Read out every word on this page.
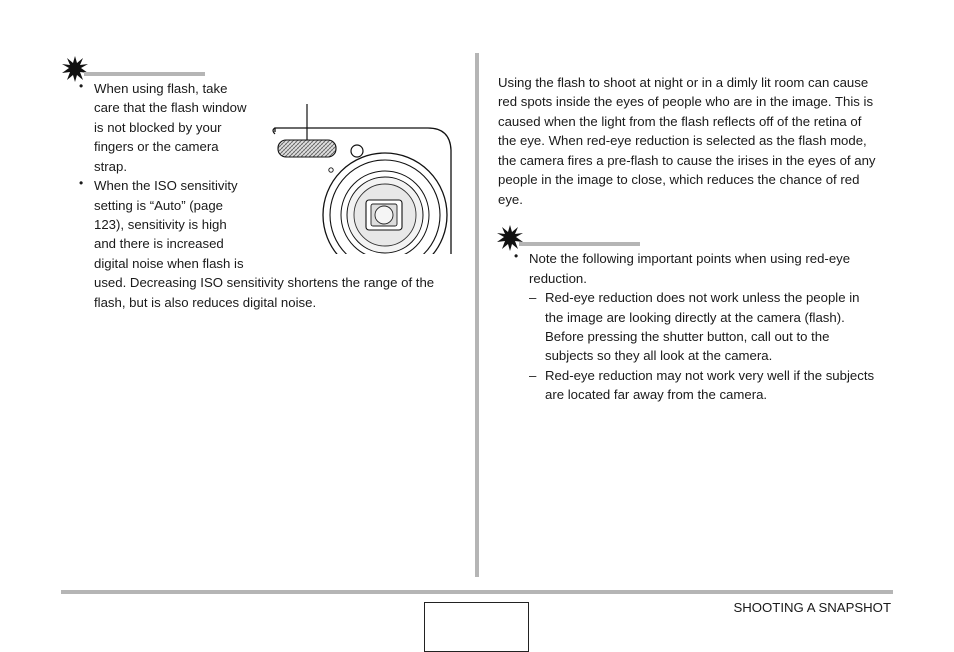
• When using flash, take
care that the flash window
is not blocked by your
fingers or the camera
strap.
• When the ISO sensitivity
setting is “Auto” (page
123), sensitivity is high
and there is increased
digital noise when flash is
used. Decreasing ISO sensitivity shortens the range of the
flash, but is also reduces digital noise.
Using the flash to shoot at night or in a dimly lit room can cause
red spots inside the eyes of people who are in the image. This is
caused when the light from the flash reflects off of the retina of
the eye. When red-eye reduction is selected as the flash mode,
the camera fires a pre-flash to cause the irises in the eyes of any
people in the image to close, which reduces the chance of red
eye.
• Note the following important points when using red-eye
reduction.
– Red-eye reduction does not work unless the people in
the image are looking directly at the camera (flash).
Before pressing the shutter button, call out to the
subjects so they all look at the camera.
– Red-eye reduction may not work very well if the subjects
are located far away from the camera.
SHOOTING A SNAPSHOT
